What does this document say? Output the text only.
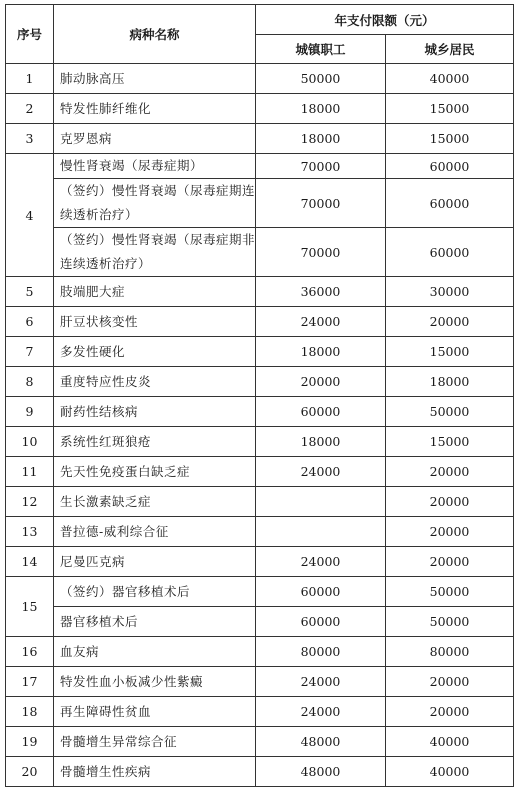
序号	病种名称	年支付限额（元）	
		城镇职工	城乡居民
1	肺动脉高压	50000	40000
2	特发性肺纤维化	18000	15000
3	克罗恩病	18000	15000
4	慢性肾衰竭（尿毒症期）	70000	60000
	（签约）慢性肾衰竭（尿毒症期连续透析治疗）	70000	60000
	（签约）慢性肾衰竭（尿毒症期非连续透析治疗）	70000	60000
5	肢端肥大症	36000	30000
6	肝豆状核变性	24000	20000
7	多发性硬化	18000	15000
8	重度特应性皮炎	20000	18000
9	耐药性结核病	60000	50000
10	系统性红斑狼疮	18000	15000
11	先天性免疫蛋白缺乏症	24000	20000
12	生长激素缺乏症		20000
13	普拉德-威利综合征		20000
14	尼曼匹克病	24000	20000
15	（签约）器官移植术后	60000	50000
	器官移植术后	60000	50000
16	血友病	80000	80000
17	特发性血小板减少性紫癜	24000	20000
18	再生障碍性贫血	24000	20000
19	骨髓增生异常综合征	48000	40000
20	骨髓增生性疾病	48000	40000
